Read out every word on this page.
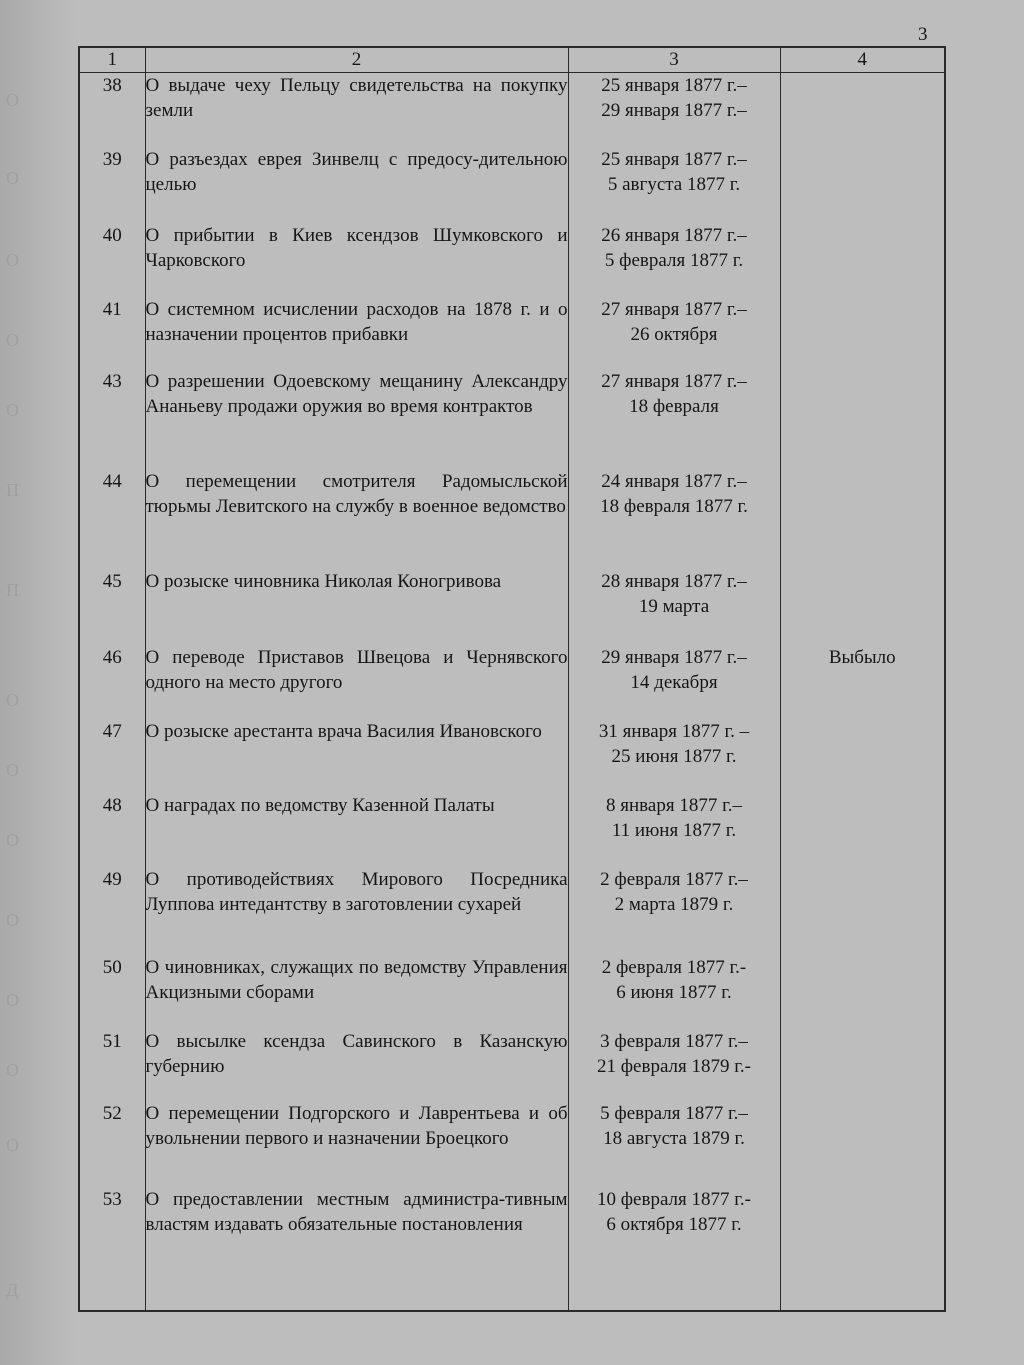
О
О
О
О
О
П
П
О
О
О
О
О
О
О
Д
3
1	2	3	4
38	О выдаче чеху Пельцу свидетельства на покупку земли	25 января 1877 г.–
29 января 1877 г.–	

39	О разъездах еврея Зинвелц с предосу-дительною целью	25 января 1877 г.–
5 августа 1877 г.	

40	О прибытии в Киев ксендзов Шумковского и Чарковского	26 января 1877 г.–
5 февраля 1877 г.	

41	О системном исчислении расходов на 1878 г. и о назначении процентов прибавки	27 января 1877 г.–
26 октября	

43	О разрешении Одоевскому мещанину Александру Ананьеву продажи оружия во время контрактов	27 января 1877 г.–
18 февраля	

44	О перемещении смотрителя Радомысльской тюрьмы Левитского на службу в военное ведомство	24 января 1877 г.–
18 февраля 1877 г.	

45	О розыске чиновника Николая Коногривова	28 января 1877 г.–
19 марта	

46	О переводе Приставов Швецова и Чернявского одного на место другого	29 января 1877 г.–
14 декабря	Выбыло
47	О розыске арестанта врача Василия Ивановского	31 января 1877 г. –
25 июня 1877 г.	

48	О наградах по ведомству Казенной Палаты	8 января 1877 г.–
11 июня 1877 г.	

49	О противодействиях Мирового Посредника Луппова интедантству в заготовлении сухарей	2 февраля 1877 г.–
2 марта 1879 г.	

50	О чиновниках, служащих по ведомству Управления Акцизными сборами	2 февраля 1877 г.-
6 июня 1877 г.	

51	О высылке ксендза Савинского в Казанскую губернию	3 февраля 1877 г.–
21 февраля 1879 г.-	

52	О перемещении Подгорского и Лаврентьева и об увольнении первого и назначении Броецкого	5 февраля 1877 г.–
18 августа 1879 г.	

53	О предоставлении местным администра-тивным властям издавать обязательные постановления	10 февраля 1877 г.-
6 октября 1877 г.	
